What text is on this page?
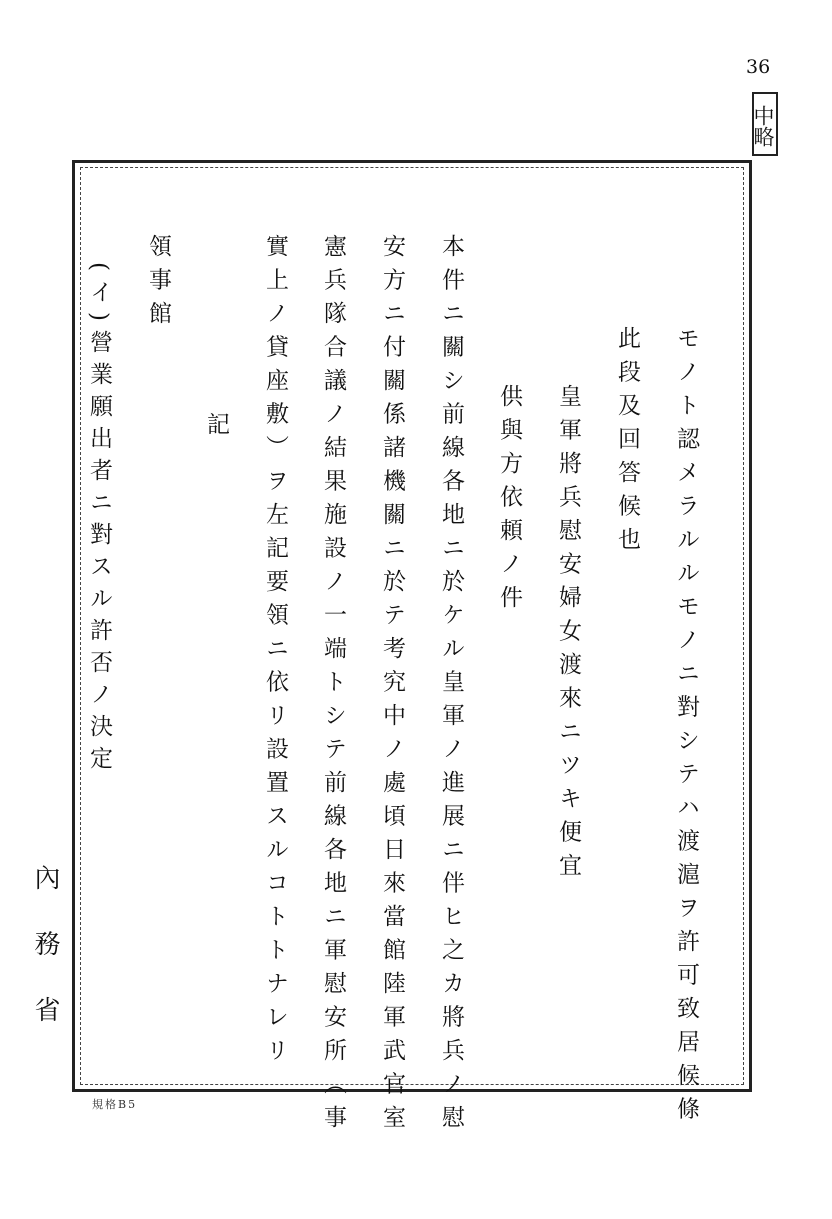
36
中略
モノト認メラルルモノニ對シテハ渡滬ヲ許可致居候條
此段及回答候也
皇軍將兵慰安婦女渡來ニツキ便宜
供與方依頼ノ件
本件ニ關シ前線各地ニ於ケル皇軍ノ進展ニ伴ヒ之カ將兵ノ慰
安方ニ付關係諸機關ニ於テ考究中ノ處頃日來當館陸軍武官室
憲兵隊合議ノ結果施設ノ一端トシテ前線各地ニ軍慰安所（事
實上ノ貸座敷）ヲ左記要領ニ依リ設置スルコトトナレリ
記
領事館
(イ)營業願出者ニ對スル許否ノ決定
內務省
規格B5
